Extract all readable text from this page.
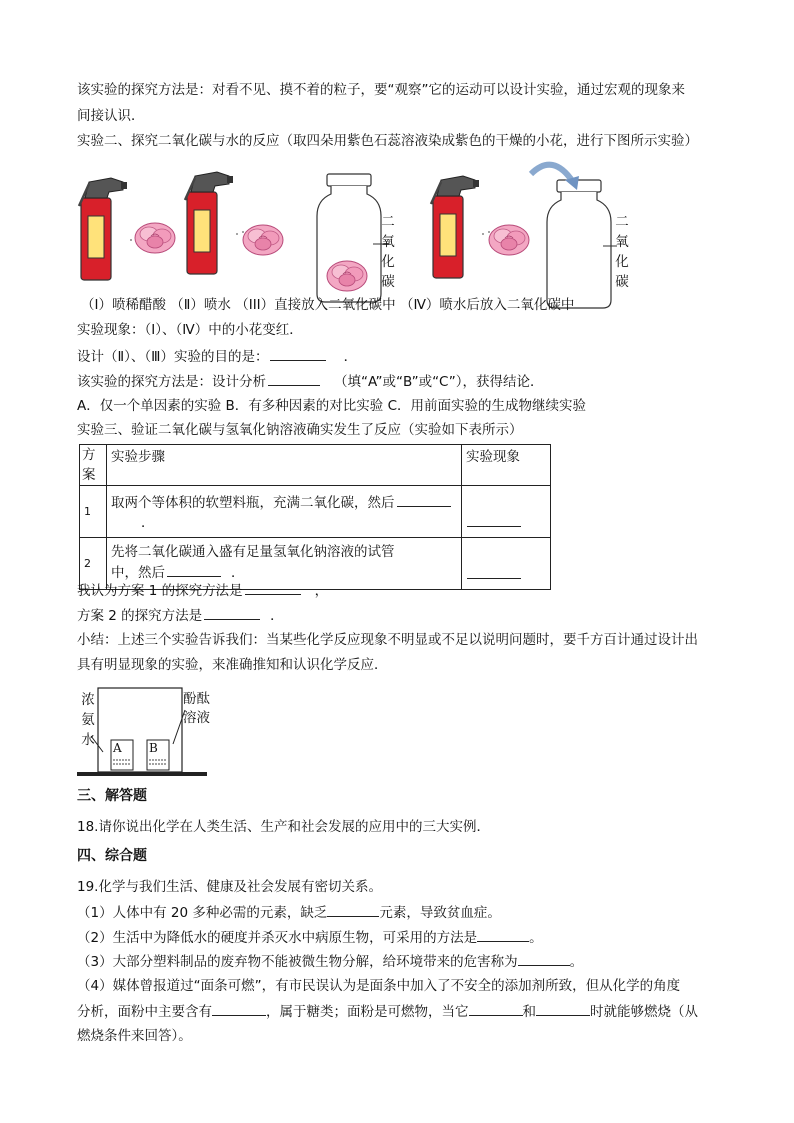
该实验的探究方法是：对看不见、摸不着的粒子，要“观察”它的运动可以设计实验，通过宏观的现象来
间接认识．
实验二、探究二氧化碳与水的反应（取四朵用紫色石蕊溶液染成紫色的干燥的小花，进行下图所示实验）
二
氧
化
碳
二
氧
化
碳
（I）喷稀醋酸 （Ⅱ）喷水 （III）直接放入二氧化碳中 （Ⅳ）喷水后放入二氧化碳中
实验现象：（Ⅰ）、（Ⅳ）中的小花变红．
设计（Ⅱ）、（Ⅲ）实验的目的是：	．
该实验的探究方法是：设计分析	（填“A”或“B”或“C”），获得结论．
A．仅一个单因素的实验 B．有多种因素的对比实验 C．用前面实验的生成物继续实验
实验三、验证二氧化碳与氢氧化钠溶液确实发生了反应（实验如下表所示）
方案	实验步骤	实验现象
1	取两个等体积的软塑料瓶，充满二氧化碳，然后
．	

2	先将二氧化碳通入盛有足量氢氧化钠溶液的试管
中，然后 ．	

我认为方案 1 的探究方法是	，
方案 2 的探究方法是	．
小结：上述三个实验告诉我们：当某些化学反应现象不明显或不足以说明问题时，要千方百计通过设计出
具有明显现象的实验，来准确推知和认识化学反应．
浓
氨
水
酚酞
溶液
A B
三、解答题
18.请你说出化学在人类生活、生产和社会发展的应用中的三大实例．
四、综合题
19.化学与我们生活、健康及社会发展有密切关系。
（1）人体中有 20 多种必需的元素，缺乏	元素，导致贫血症。
（2）生活中为降低水的硬度并杀灭水中病原生物，可采用的方法是	。
（3）大部分塑料制品的废弃物不能被微生物分解，给环境带来的危害称为	。
（4）媒体曾报道过“面条可燃”，有市民误认为是面条中加入了不安全的添加剂所致，但从化学的角度
分析，面粉中主要含有	，属于糖类；面粉是可燃物，当它	和	时就能够燃烧（从
燃烧条件来回答）。
